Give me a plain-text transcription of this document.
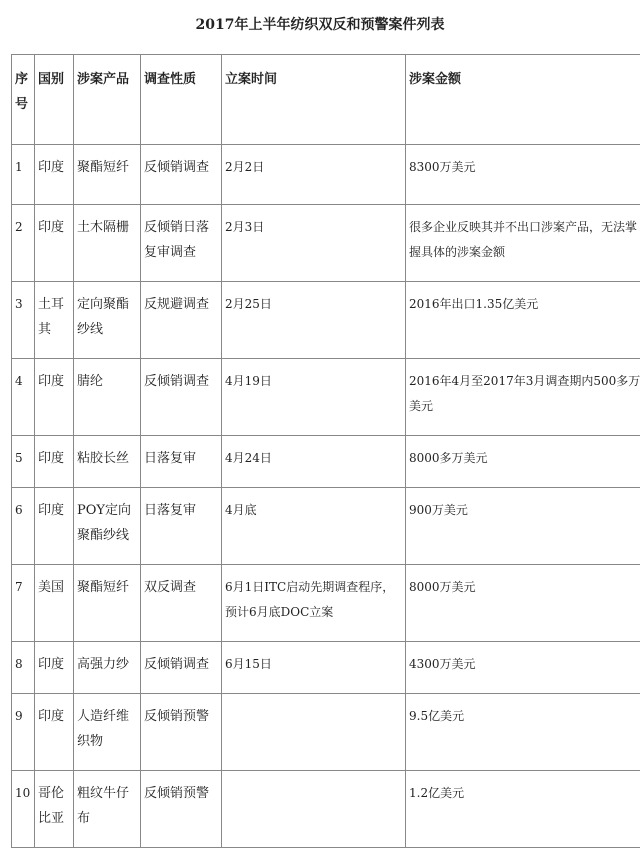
2017年上半年纺织双反和预警案件列表
序号	国别	涉案产品	调查性质	立案时间	涉案金额
1	印度	聚酯短纤	反倾销调查	2月2日	8300万美元
2	印度	土木隔栅	反倾销日落复审调查	2月3日	很多企业反映其并不出口涉案产品，无法掌握具体的涉案金额
3	土耳其	定向聚酯纱线	反规避调查	2月25日	2016年出口1.35亿美元
4	印度	腈纶	反倾销调查	4月19日	2016年4月至2017年3月调查期内500多万美元
5	印度	粘胶长丝	日落复审	4月24日	8000多万美元
6	印度	POY定向聚酯纱线	日落复审	4月底	900万美元
7	美国	聚酯短纤	双反调查	6月1日ITC启动先期调查程序，预计6月底DOC立案	8000万美元
8	印度	高强力纱	反倾销调查	6月15日	4300万美元
9	印度	人造纤维织物	反倾销预警		9.5亿美元
10	哥伦比亚	粗纹牛仔布	反倾销预警		1.2亿美元
